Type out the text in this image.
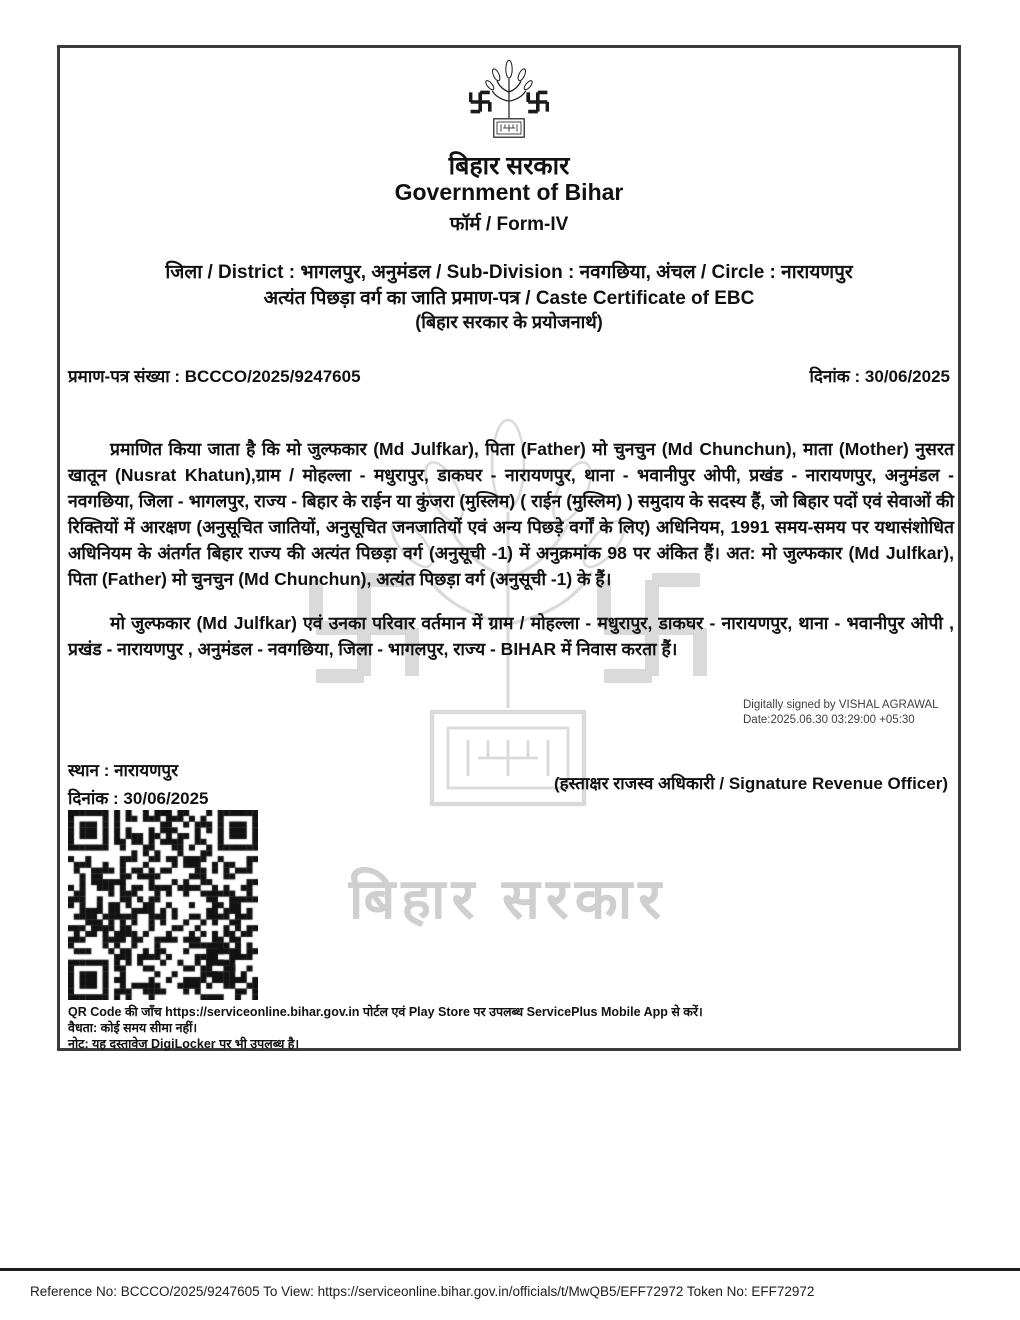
बिहार सरकार
बिहार सरकार
Government of Bihar
फॉर्म / Form-IV
जिला / District : भागलपुर, अनुमंडल / Sub-Division : नवगछिया, अंचल / Circle : नारायणपुर
अत्यंत पिछड़ा वर्ग का जाति प्रमाण-पत्र / Caste Certificate of EBC
(बिहार सरकार के प्रयोजनार्थ)
प्रमाण-पत्र संख्या : BCCCO/2025/9247605	दिनांक : 30/06/2025
प्रमाणित किया जाता है कि मो जुल्फकार (Md Julfkar), पिता (Father) मो चुनचुन (Md Chunchun), माता (Mother) नुसरत खातून (Nusrat Khatun),ग्राम / मोहल्ला - मधुरापुर, डाकघर - नारायणपुर, थाना - भवानीपुर ओपी, प्रखंड - नारायणपुर, अनुमंडल - नवगछिया, जिला - भागलपुर, राज्य - बिहार के राईन या कुंजरा (मुस्लिम) ( राईन (मुस्लिम) ) समुदाय के सदस्य हैं, जो बिहार पदों एवं सेवाओं की रिक्तियों में आरक्षण (अनुसूचित जातियों, अनुसूचित जनजातियों एवं अन्य पिछड़े वर्गों के लिए) अधिनियम, 1991 समय-समय पर यथासंशोधित अधिनियम के अंतर्गत बिहार राज्य की अत्यंत पिछड़ा वर्ग (अनुसूची -1) में अनुक्रमांक 98 पर अंकित हैं। अत: मो जुल्फकार (Md Julfkar), पिता (Father) मो चुनचुन (Md Chunchun), अत्यंत पिछड़ा वर्ग (अनुसूची -1) के हैं।
मो जुल्फकार (Md Julfkar) एवं उनका परिवार वर्तमान में ग्राम / मोहल्ला - मधुरापुर, डाकघर - नारायणपुर, थाना - भवानीपुर ओपी , प्रखंड - नारायणपुर , अनुमंडल - नवगछिया, जिला - भागलपुर, राज्य - BIHAR में निवास करता हैं।
Digitally signed by VISHAL AGRAWAL
Date:2025.06.30 03:29:00 +05:30
स्थान : नारायणपुर
(हस्ताक्षर राजस्व अधिकारी / Signature Revenue Officer)
दिनांक : 30/06/2025
QR Code की जाँच https://serviceonline.bihar.gov.in पोर्टल एवं Play Store पर उपलब्ध ServicePlus Mobile App से करें।
वैधता: कोई समय सीमा नहीं।
नोट: यह दस्तावेज DigiLocker पर भी उपलब्ध है।
Reference No: BCCCO/2025/9247605 To View: https://serviceonline.bihar.gov.in/officials/t/MwQB5/EFF72972 Token No: EFF72972
